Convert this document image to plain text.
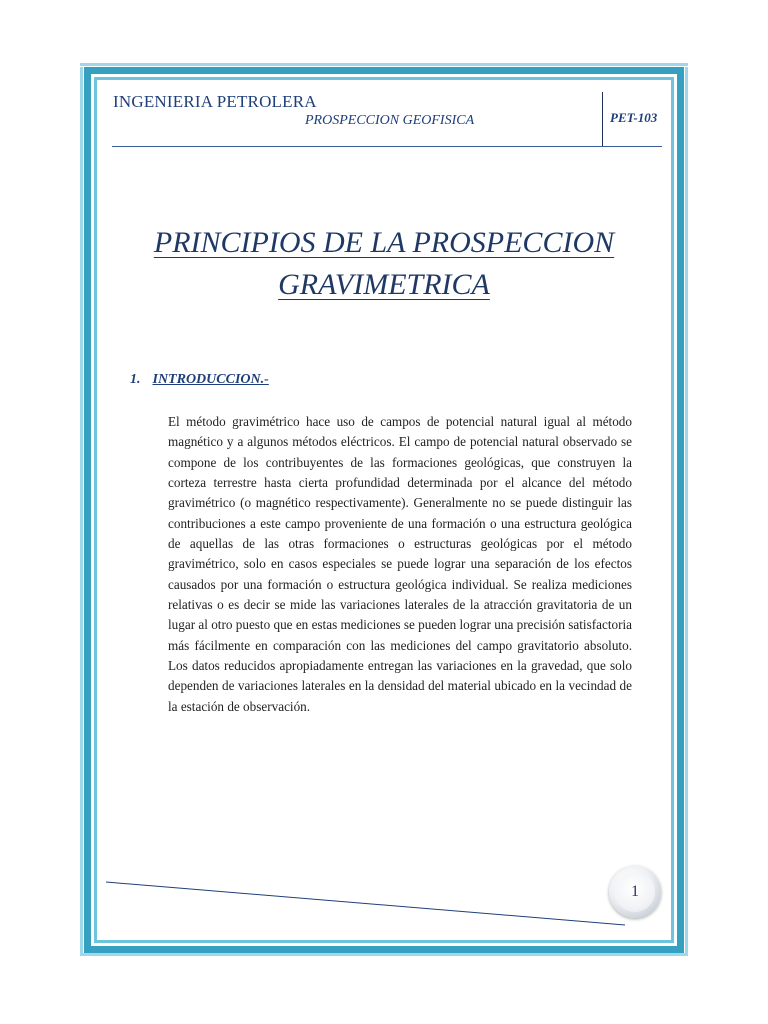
INGENIERIA PETROLERA
PROSPECCION GEOFISICA	PET-103
PRINCIPIOS DE LA PROSPECCION
GRAVIMETRICA
1. INTRODUCCION.-
El método gravimétrico hace uso de campos de potencial natural igual al método magnético y a algunos métodos eléctricos. El campo de potencial natural observado se compone de los contribuyentes de las formaciones geológicas, que construyen la corteza terrestre hasta cierta profundidad determinada por el alcance del método gravimétrico (o magnético respectivamente). Generalmente no se puede distinguir las contribuciones a este campo proveniente de una formación o una estructura geológica de aquellas de las otras formaciones o estructuras geológicas por el método gravimétrico, solo en casos especiales se puede lograr una separación de los efectos causados por una formación o estructura geológica individual. Se realiza mediciones relativas o es decir se mide las variaciones laterales de la atracción gravitatoria de un lugar al otro puesto que en estas mediciones se pueden lograr una precisión satisfactoria más fácilmente en comparación con las mediciones del campo gravitatorio absoluto. Los datos reducidos apropiadamente entregan las variaciones en la gravedad, que solo dependen de variaciones laterales en la densidad del material ubicado en la vecindad de la estación de observación.
1
